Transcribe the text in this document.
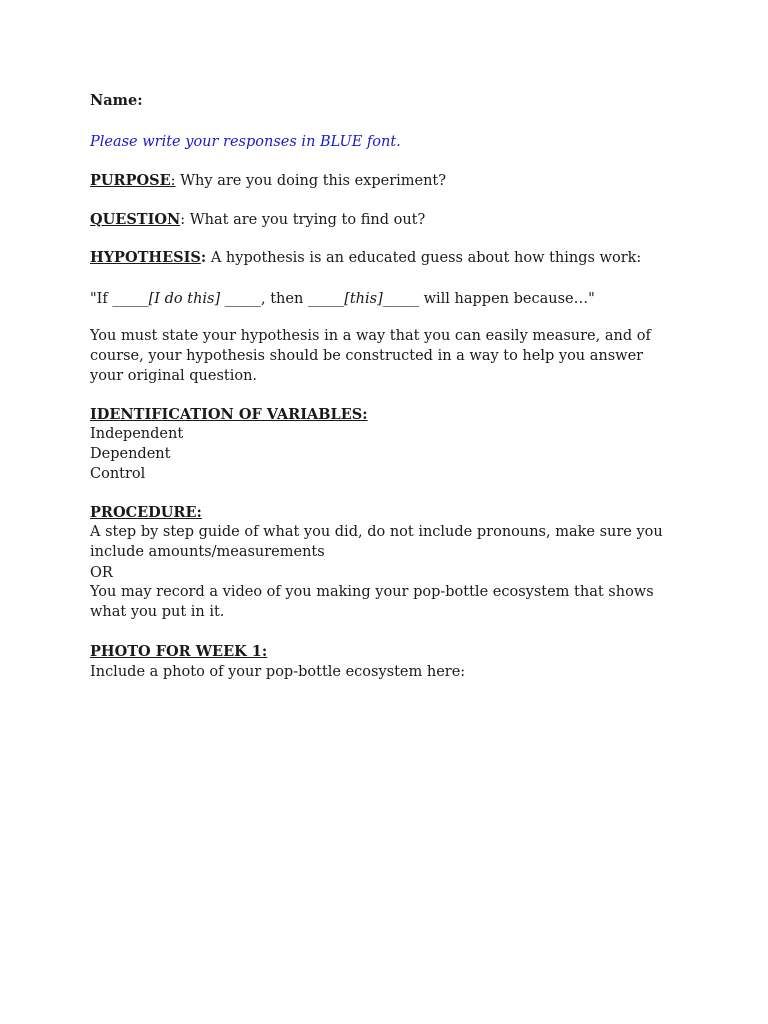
Name:
Please write your responses in BLUE font.
PURPOSE: Why are you doing this experiment?
QUESTION: What are you trying to find out?
HYPOTHESIS: A hypothesis is an educated guess about how things work:
"If _____[I do this] _____, then _____[this]_____ will happen because…"
You must state your hypothesis in a way that you can easily measure, and of course, your hypothesis should be constructed in a way to help you answer your original question.
IDENTIFICATION OF VARIABLES:
Independent
Dependent
Control
PROCEDURE:
A step by step guide of what you did, do not include pronouns, make sure you include amounts/measurements
OR
You may record a video of you making your pop-bottle ecosystem that shows what you put in it.
PHOTO FOR WEEK 1:
Include a photo of your pop-bottle ecosystem here:
